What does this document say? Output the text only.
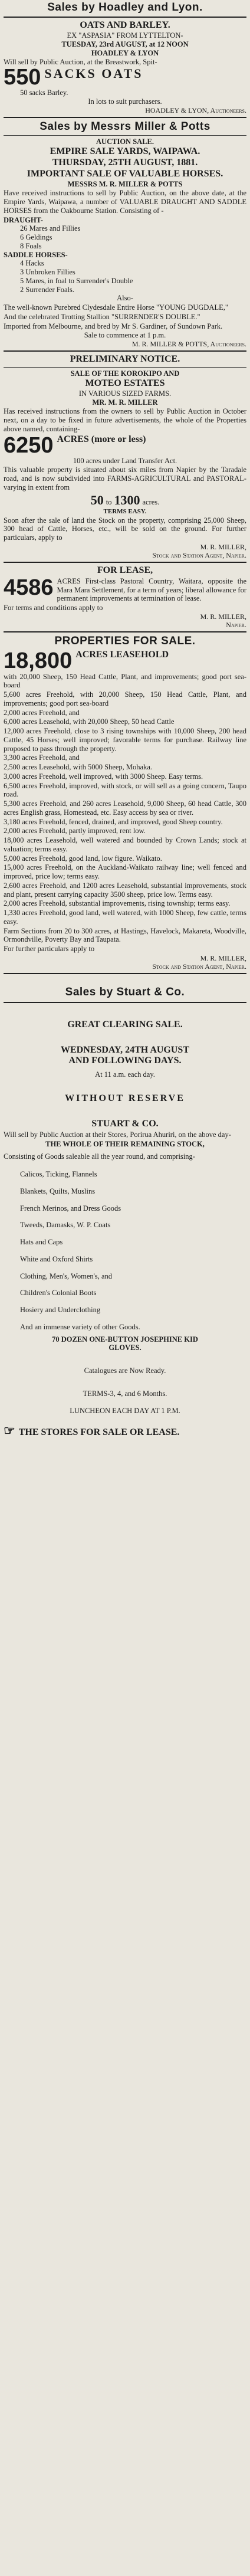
Sales by Hoadley and Lyon.
OATS AND BARLEY.
EX "ASPASIA" FROM LYTTELTON-
TUESDAY, 23rd AUGUST, at 12 NOON
HOADLEY & LYON
Will sell by Public Auction, at the Breastwork, Spit-
550 SACKS OATS
50 sacks Barley.
In lots to suit purchasers.
HOADLEY & LYON, Auctioneers.
Sales by Messrs Miller & Potts
AUCTION SALE.
EMPIRE SALE YARDS, WAIPAWA.
THURSDAY, 25TH AUGUST, 1881.
IMPORTANT SALE OF VALUABLE HORSES.
MESSRS M. R. MILLER & POTTS
Have received instructions to sell by Public Auction, on the above date, at the Empire Yards, Waipawa, a number of VALUABLE DRAUGHT AND SADDLE HORSES from the Oakbourne Station. Consisting of -
DRAUGHT-
26 Mares and Fillies
6 Geldings
8 Foals
SADDLE HORSES-
4 Hacks
3 Unbroken Fillies
5 Mares, in foal to Surrender's Double
2 Surrender Foals.
Also-
The well-known Purebred Clydesdale Entire Horse "YOUNG DUGDALE,"
And the celebrated Trotting Stallion "SURRENDER'S DOUBLE."
Imported from Melbourne, and bred by Mr S. Gardiner, of Sundown Park.
Sale to commence at 1 p.m.
M. R. MILLER & POTTS, Auctioneers.
PRELIMINARY NOTICE.
SALE OF THE KOROKIPO AND
MOTEO ESTATES
IN VARIOUS SIZED FARMS.
MR. M. R. MILLER
Has received instructions from the owners to sell by Public Auction in October next, on a day to be fixed in future advertisements, the whole of the Properties above named, containing-
6250 ACRES (more or less)
100 acres under Land Transfer Act.
This valuable property is situated about six miles from Napier by the Taradale road, and is now subdivided into FARMS-AGRICULTURAL and PASTORAL-varying in extent from
50 to 1300 acres.
TERMS EASY.
Soon after the sale of land the Stock on the property, comprising 25,000 Sheep, 300 head of Cattle, Horses, etc., will be sold on the ground. For further particulars, apply to
M. R. MILLER,
Stock and Station Agent, Napier.
FOR LEASE,
4586 ACRES First-class Pastoral Country, Waitara, opposite the Mara Mara Settlement, for a term of years; liberal allowance for permanent improvements at termination of lease.
For terms and conditions apply to
M. R. MILLER,
Napier.
PROPERTIES FOR SALE.
18,800 ACRES LEASEHOLD
with 20,000 Sheep, 150 Head Cattle, Plant, and improvements; good port sea-board
5,600 acres Freehold, with 20,000 Sheep, 150 Head Cattle, Plant, and improvements; good port sea-board
2,000 acres Freehold, and
6,000 acres Leasehold, with 20,000 Sheep, 50 head Cattle
12,000 acres Freehold, close to 3 rising townships with 10,000 Sheep, 200 head Cattle, 45 Horses; well improved; favorable terms for purchase. Railway line proposed to pass through the property.
3,300 acres Freehold, and
2,500 acres Leasehold, with 5000 Sheep, Mohaka.
3,000 acres Freehold, well improved, with 3000 Sheep. Easy terms.
6,500 acres Freehold, improved, with stock, or will sell as a going concern, Taupo road.
5,300 acres Freehold, and 260 acres Leasehold, 9,000 Sheep, 60 head Cattle, 300 acres English grass, Homestead, etc. Easy access by sea or river.
3,180 acres Freehold, fenced, drained, and improved, good Sheep country.
2,000 acres Freehold, partly improved, rent low.
18,000 acres Leasehold, well watered and bounded by Crown Lands; stock at valuation; terms easy.
5,000 acres Freehold, good land, low figure. Waikato.
15,000 acres Freehold, on the Auckland-Waikato railway line; well fenced and improved, price low; terms easy.
2,600 acres Freehold, and 1200 acres Leasehold, substantial improvements, stock and plant, present carrying capacity 3500 sheep, price low. Terms easy.
2,000 acres Freehold, substantial improvements, rising township; terms easy.
1,330 acres Freehold, good land, well watered, with 1000 Sheep, few cattle, terms easy.
Farm Sections from 20 to 300 acres, at Hastings, Havelock, Makareta, Woodville, Ormondville, Poverty Bay and Taupata.
For further particulars apply to
M. R. MILLER,
Stock and Station Agent, Napier.
Sales by Stuart & Co.
GREAT CLEARING SALE.
WEDNESDAY, 24TH AUGUST
AND FOLLOWING DAYS.
At 11 a.m. each day.
WITHOUT RESERVE
STUART & CO.
Will sell by Public Auction at their Stores, Porirua Ahuriri, on the above day-
THE WHOLE OF THEIR REMAINING STOCK,
Consisting of Goods saleable all the year round, and comprising-
Calicos, Ticking, Flannels
Blankets, Quilts, Muslins
French Merinos, and Dress Goods
Tweeds, Damasks, W. P. Coats
Hats and Caps
White and Oxford Shirts
Clothing, Men's, Women's, and
Children's Colonial Boots
Hosiery and Underclothing
And an immense variety of other Goods.
70 DOZEN ONE-BUTTON JOSEPHINE KID
GLOVES.
Catalogues are Now Ready.
TERMS-3, 4, and 6 Months.
LUNCHEON EACH DAY AT 1 P.M.
☞ THE STORES FOR SALE OR LEASE.
